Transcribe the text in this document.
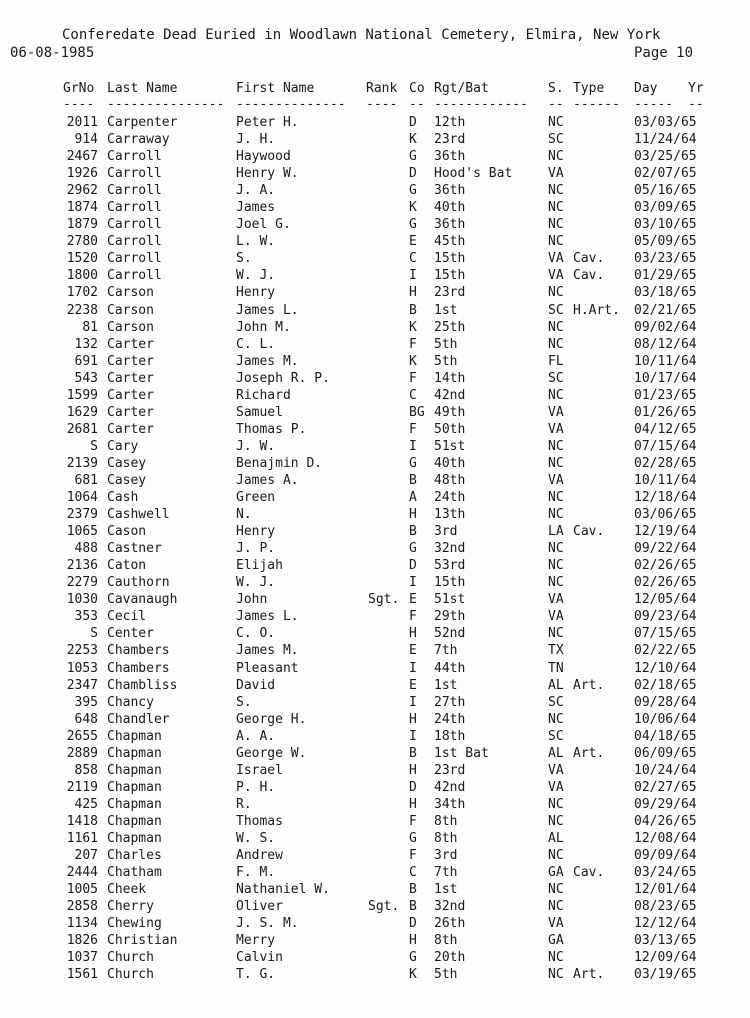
Conferedate Dead Euried in Woodlawn National Cemetery, Elmira, New York
06-08-1985	Page 10
GrNo Last Name	First Name	Rank Co Rgt/Bat	S. Type Day Yr
---- --------------- -------------- ---- -- ------------ -- ------ ----- --
2011 Carpenter	Peter H.	D 12th	NC	03/03/65
914 Carraway	J. H.	K 23rd	SC	11/24/64
2467 Carroll	Haywood	G 36th	NC	03/25/65
1926 Carroll	Henry W.	D Hood's Bat	VA	02/07/65
2962 Carroll	J. A.	G 36th	NC	05/16/65
1874 Carroll	James	K 40th	NC	03/09/65
1879 Carroll	Joel G.	G 36th	NC	03/10/65
2780 Carroll	L. W.	E 45th	NC	05/09/65
1520 Carroll	S.	C 15th	VA Cav. 03/23/65
1800 Carroll	W. J.	I 15th	VA Cav. 01/29/65
1702 Carson	Henry	H 23rd	NC	03/18/65
2238 Carson	James L.	B 1st	SC H.Art. 02/21/65
81 Carson	John M.	K 25th	NC	09/02/64
132 Carter	C. L.	F 5th	NC	08/12/64
691 Carter	James M.	K 5th	FL	10/11/64
543 Carter	Joseph R. P.	F 14th	SC	10/17/64
1599 Carter	Richard	C 42nd	NC	01/23/65
1629 Carter	Samuel	BG 49th	VA	01/26/65
2681 Carter	Thomas P.	F 50th	VA	04/12/65
S Cary	J. W.	I 51st	NC	07/15/64
2139 Casey	Benajmin D.	G 40th	NC	02/28/65
681 Casey	James A.	B 48th	VA	10/11/64
1064 Cash	Green	A 24th	NC	12/18/64
2379 Cashwell	N.	H 13th	NC	03/06/65
1065 Cason	Henry	B 3rd	LA Cav. 12/19/64
488 Castner	J. P.	G 32nd	NC	09/22/64
2136 Caton	Elijah	D 53rd	NC	02/26/65
2279 Cauthorn	W. J.	I 15th	NC	02/26/65
1030 Cavanaugh	John	Sgt. E 51st	VA	12/05/64
353 Cecil	James L.	F 29th	VA	09/23/64
S Center	C. O.	H 52nd	NC	07/15/65
2253 Chambers	James M.	E 7th	TX	02/22/65
1053 Chambers	Pleasant	I 44th	TN	12/10/64
2347 Chambliss	David	E 1st	AL Art. 02/18/65
395 Chancy	S.	I 27th	SC	09/28/64
648 Chandler	George H.	H 24th	NC	10/06/64
2655 Chapman	A. A.	I 18th	SC	04/18/65
2889 Chapman	George W.	B 1st Bat	AL Art. 06/09/65
858 Chapman	Israel	H 23rd	VA	10/24/64
2119 Chapman	P. H.	D 42nd	VA	02/27/65
425 Chapman	R.	H 34th	NC	09/29/64
1418 Chapman	Thomas	F 8th	NC	04/26/65
1161 Chapman	W. S.	G 8th	AL	12/08/64
207 Charles	Andrew	F 3rd	NC	09/09/64
2444 Chatham	F. M.	C 7th	GA Cav. 03/24/65
1005 Cheek	Nathaniel W.	B 1st	NC	12/01/64
2858 Cherry	Oliver	Sgt. B 32nd	NC	08/23/65
1134 Chewing	J. S. M.	D 26th	VA	12/12/64
1826 Christian	Merry	H 8th	GA	03/13/65
1037 Church	Calvin	G 20th	NC	12/09/64
1561 Church	T. G.	K 5th	NC Art. 03/19/65
